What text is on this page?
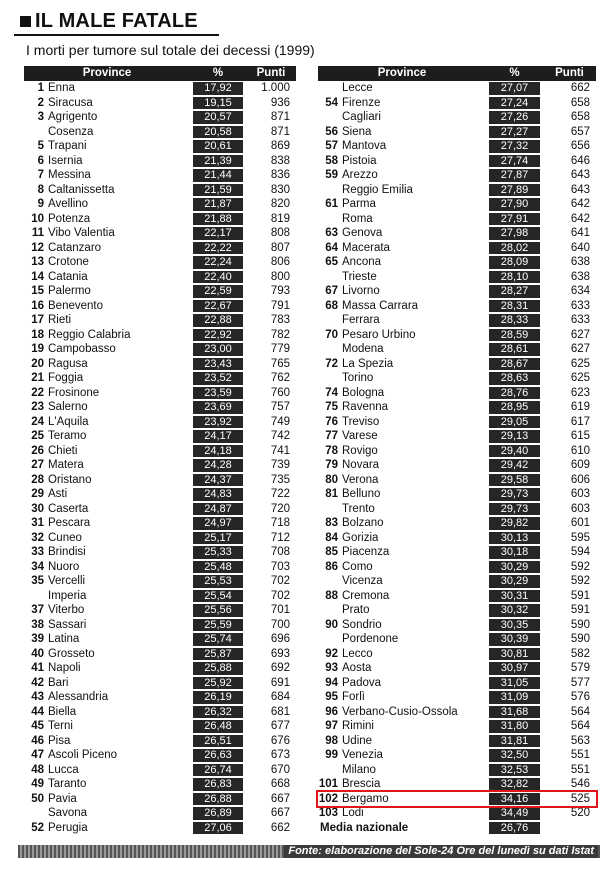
IL MALE FATALE
I morti per tumore sul totale dei decessi (1999)
Province	%	Punti
1 Enna	17,92	1.000
2 Siracusa	19,15	936
3 Agrigento	20,57	871
Cosenza	20,58	871
5 Trapani	20,61	869
6 Isernia	21,39	838
7 Messina	21,44	836
8 Caltanissetta	21,59	830
9 Avellino	21,87	820
10 Potenza	21,88	819
11 Vibo Valentia	22,17	808
12 Catanzaro	22,22	807
13 Crotone	22,24	806
14 Catania	22,40	800
15 Palermo	22,59	793
16 Benevento	22,67	791
17 Rieti	22,88	783
18 Reggio Calabria	22,92	782
19 Campobasso	23,00	779
20 Ragusa	23,43	765
21 Foggia	23,52	762
22 Frosinone	23,59	760
23 Salerno	23,69	757
24 L'Aquila	23,92	749
25 Teramo	24,17	742
26 Chieti	24,18	741
27 Matera	24,28	739
28 Oristano	24,37	735
29 Asti	24,83	722
30 Caserta	24,87	720
31 Pescara	24,97	718
32 Cuneo	25,17	712
33 Brindisi	25,33	708
34 Nuoro	25,48	703
35 Vercelli	25,53	702
Imperia	25,54	702
37 Viterbo	25,56	701
38 Sassari	25,59	700
39 Latina	25,74	696
40 Grosseto	25,87	693
41 Napoli	25,88	692
42 Bari	25,92	691
43 Alessandria	26,19	684
44 Biella	26,32	681
45 Terni	26,48	677
46 Pisa	26,51	676
47 Ascoli Piceno	26,63	673
48 Lucca	26,74	670
49 Taranto	26,83	668
50 Pavia	26,88	667
Savona	26,89	667
52 Perugia	27,06	662
Province	%	Punti
Lecce	27,07	662
54 Firenze	27,24	658
Cagliari	27,26	658
56 Siena	27,27	657
57 Mantova	27,32	656
58 Pistoia	27,74	646
59 Arezzo	27,87	643
Reggio Emilia	27,89	643
61 Parma	27,90	642
Roma	27,91	642
63 Genova	27,98	641
64 Macerata	28,02	640
65 Ancona	28,09	638
Trieste	28,10	638
67 Livorno	28,27	634
68 Massa Carrara	28,31	633
Ferrara	28,33	633
70 Pesaro Urbino	28,59	627
Modena	28,61	627
72 La Spezia	28,67	625
Torino	28,63	625
74 Bologna	28,76	623
75 Ravenna	28,95	619
76 Treviso	29,05	617
77 Varese	29,13	615
78 Rovigo	29,40	610
79 Novara	29,42	609
80 Verona	29,58	606
81 Belluno	29,73	603
Trento	29,73	603
83 Bolzano	29,82	601
84 Gorizia	30,13	595
85 Piacenza	30,18	594
86 Como	30,29	592
Vicenza	30,29	592
88 Cremona	30,31	591
Prato	30,32	591
90 Sondrio	30,35	590
Pordenone	30,39	590
92 Lecco	30,81	582
93 Aosta	30,97	579
94 Padova	31,05	577
95 Forlì	31,09	576
96 Verbano-Cusio-Ossola	31,68	564
97 Rimini	31,80	564
98 Udine	31,81	563
99 Venezia	32,50	551
Milano	32,53	551
101 Brescia	32,82	546
102 Bergamo	34,16	525
103 Lodi	34,49	520
Media nazionale	26,76
Fonte: elaborazione del Sole-24 Ore del lunedì su dati Istat
